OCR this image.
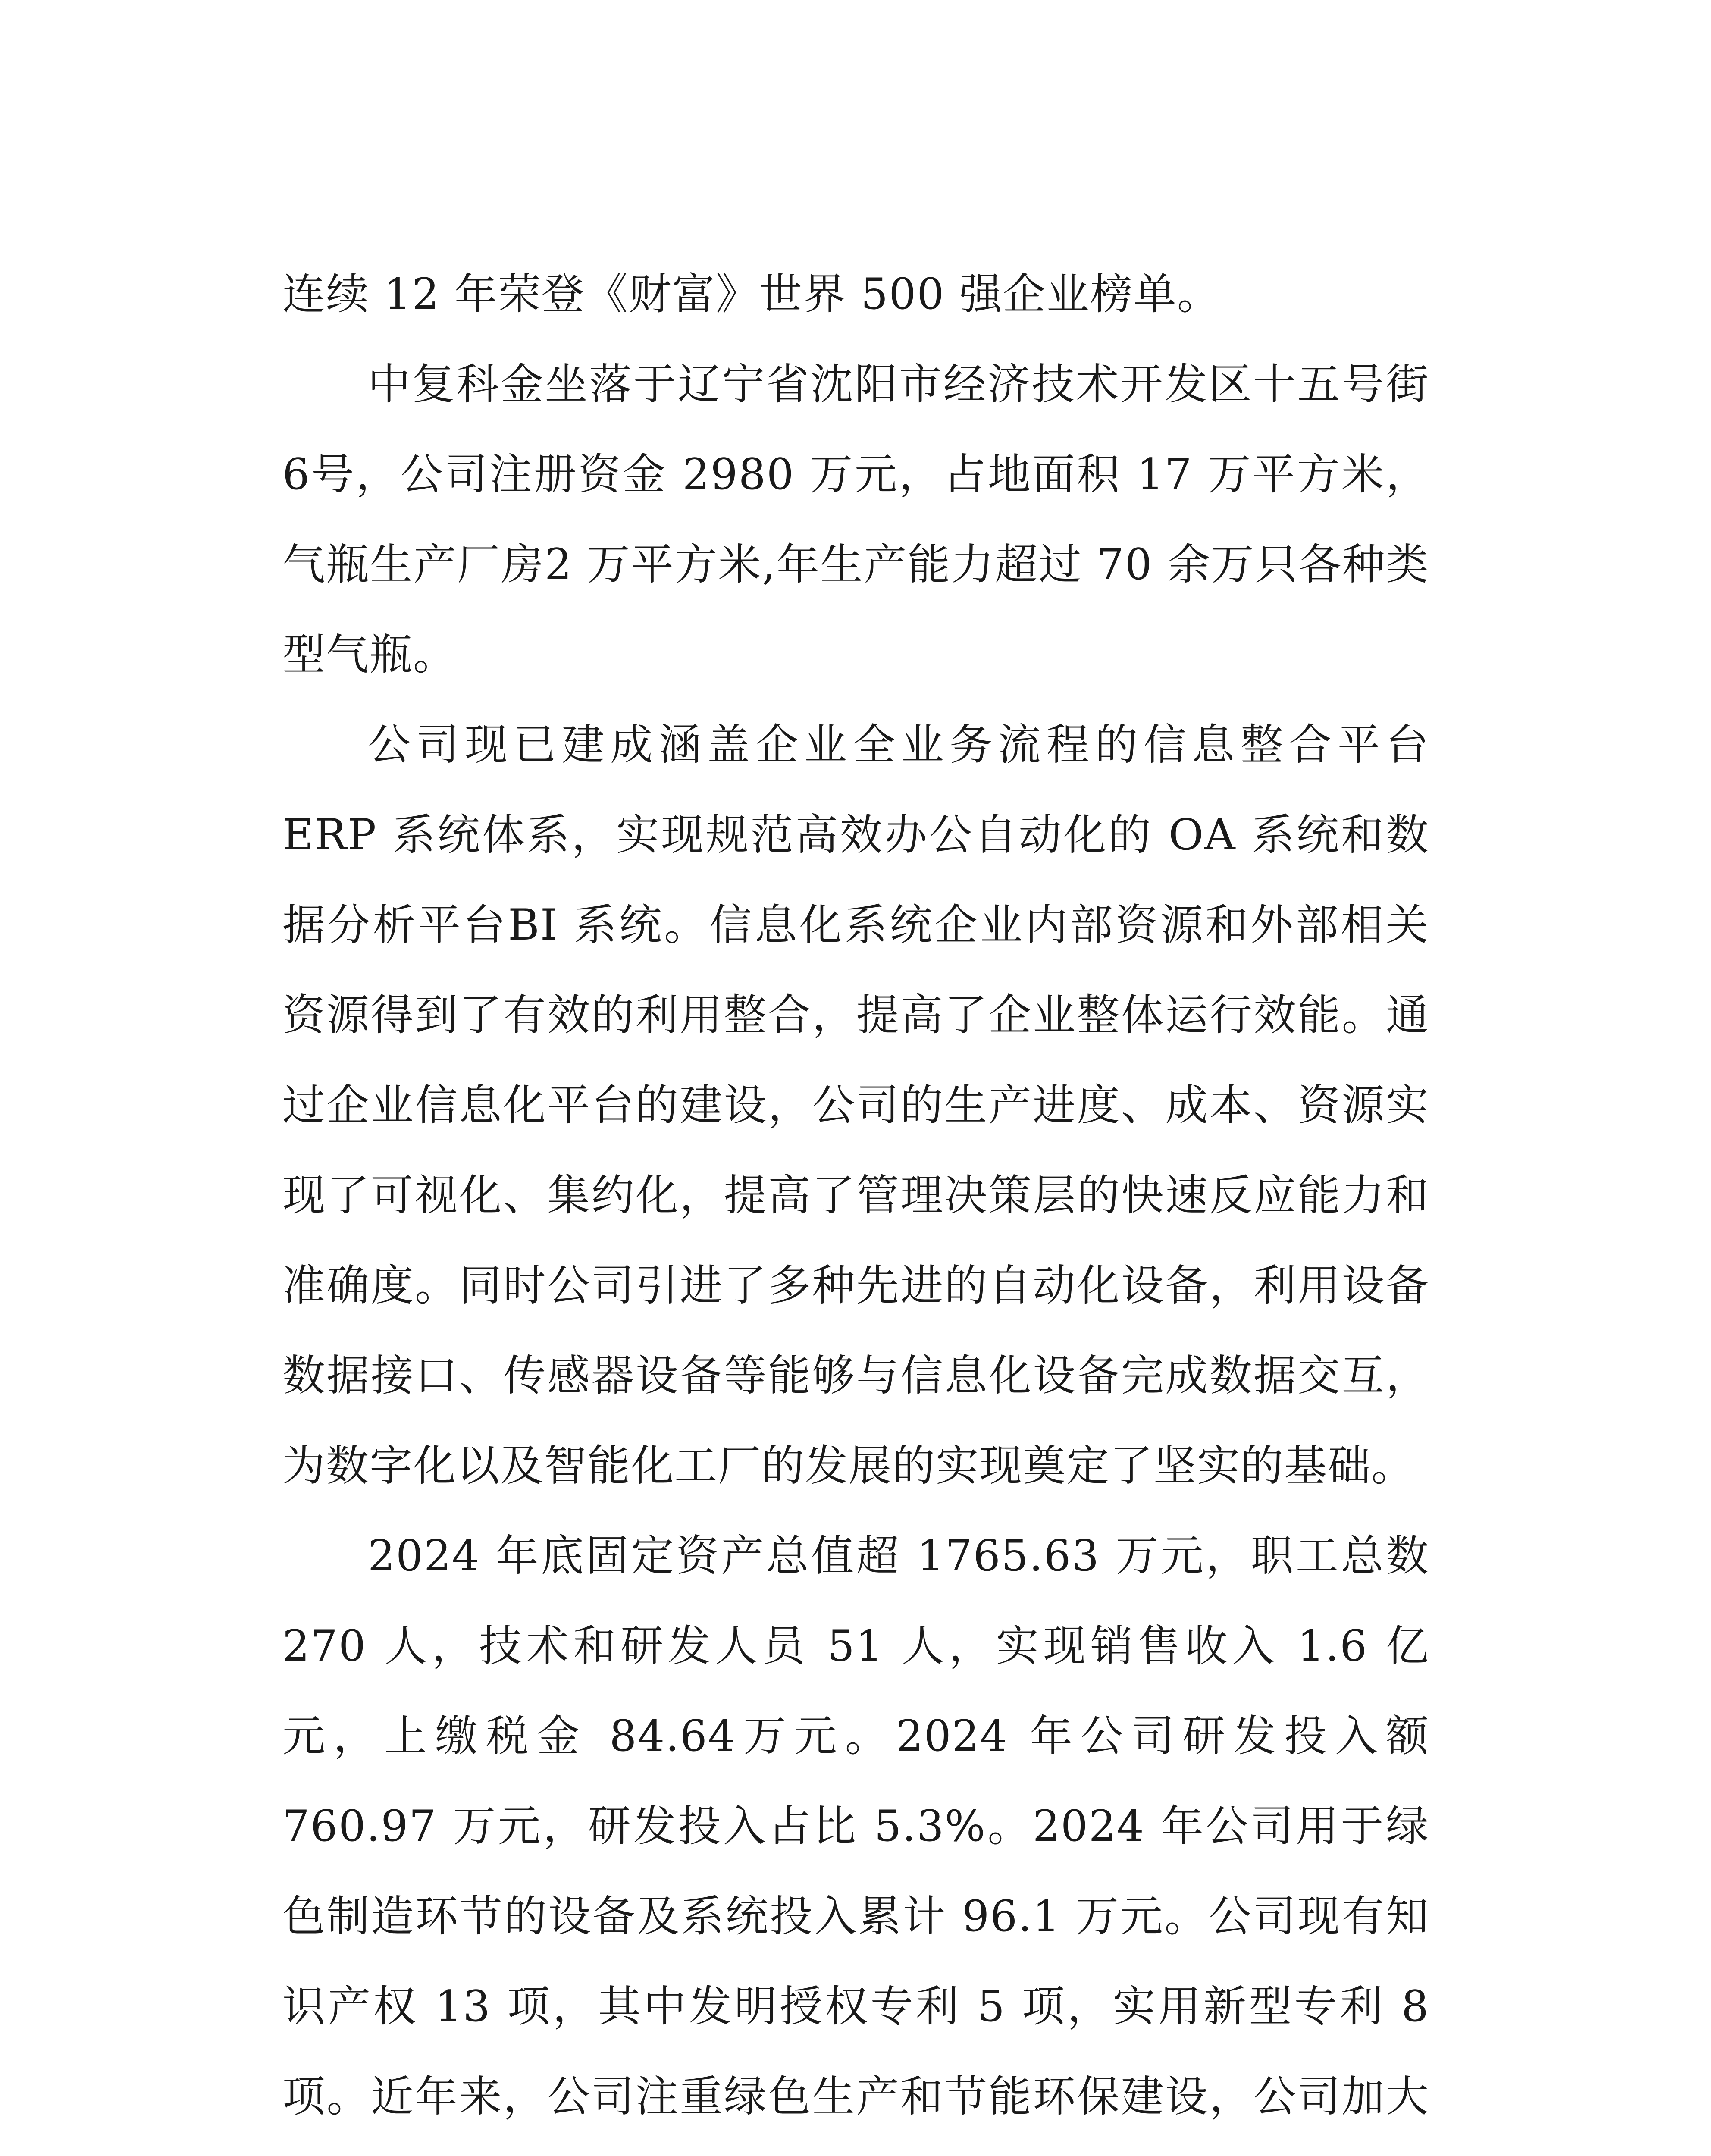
连续 12 年荣登《财富》世界 500 强企业榜单。

中复科金坐落于辽宁省沈阳市经济技术开发区十五号街6号，公司注册资金 2980 万元，占地面积 17 万平方米，气瓶生产厂房2 万平方米,年生产能力超过 70 余万只各种类型气瓶。

公司现已建成涵盖企业全业务流程的信息整合平台 ERP 系统体系，实现规范高效办公自动化的 OA 系统和数据分析平台BI 系统。信息化系统企业内部资源和外部相关资源得到了有效的利用整合，提高了企业整体运行效能。通过企业信息化平台的建设，公司的生产进度、成本、资源实现了可视化、集约化，提高了管理决策层的快速反应能力和准确度。同时公司引进了多种先进的自动化设备，利用设备数据接口、传感器设备等能够与信息化设备完成数据交互，为数字化以及智能化工厂的发展的实现奠定了坚实的基础。

2024 年底固定资产总值超 1765.63 万元，职工总数 270 人，技术和研发人员 51 人，实现销售收入 1.6 亿元，上缴税金 84.64万元。2024 年公司研发投入额 760.97 万元，研发投入占比 5.3%。2024 年公司用于绿色制造环节的设备及系统投入累计 96.1 万元。公司现有知识产权 13 项，其中发明授权专利 5 项，实用新型专利 8 项。近年来，公司注重绿色生产和节能环保建设，公司加大
